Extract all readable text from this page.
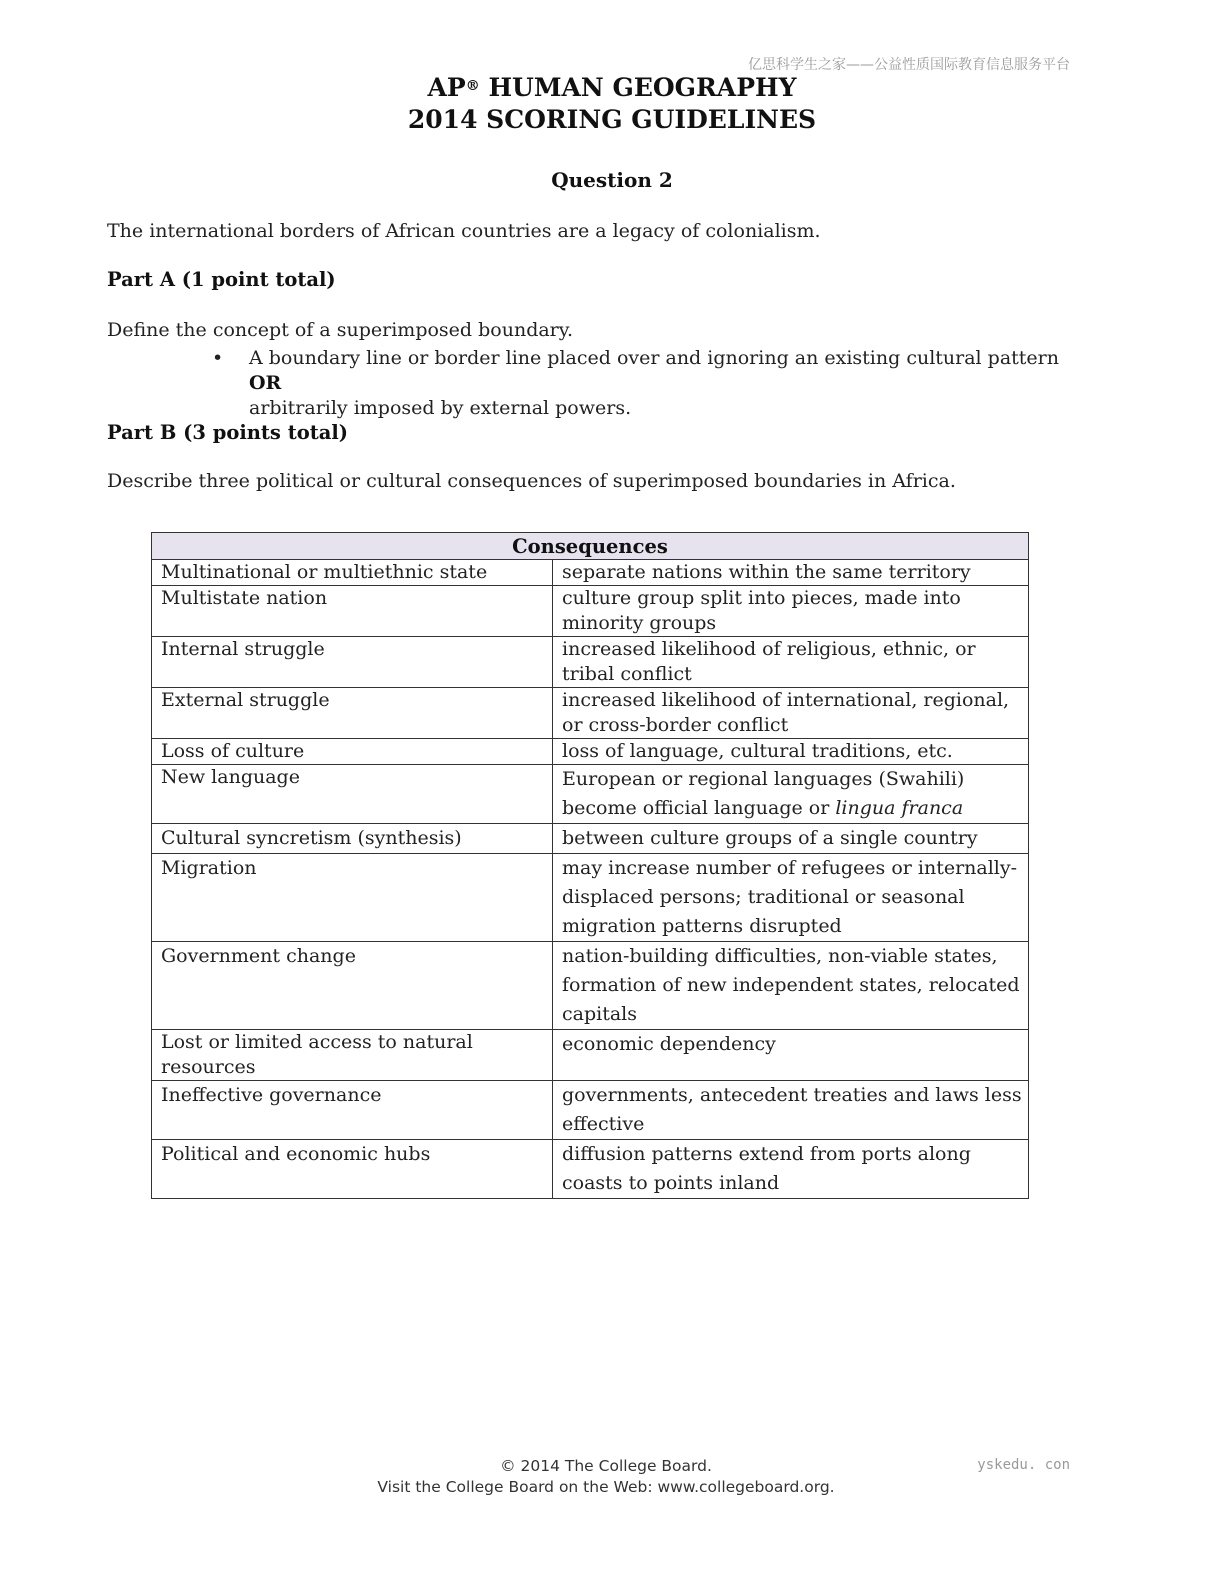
亿思科学生之家——公益性质国际教育信息服务平台
AP® HUMAN GEOGRAPHY
2014 SCORING GUIDELINES
Question 2
The international borders of African countries are a legacy of colonialism.
Part A (1 point total)
Define the concept of a superimposed boundary.
• A boundary line or border line placed over and ignoring an existing cultural pattern OR
arbitrarily imposed by external powers.
Part B (3 points total)
Describe three political or cultural consequences of superimposed boundaries in Africa.
Consequences	
Multinational or multiethnic state	separate nations within the same territory
Multistate nation	culture group split into pieces, made into minority groups
Internal struggle	increased likelihood of religious, ethnic, or tribal conflict
External struggle	increased likelihood of international, regional, or cross-border conflict
Loss of culture	loss of language, cultural traditions, etc.
New language	European or regional languages (Swahili) become official language or lingua franca
Cultural syncretism (synthesis)	between culture groups of a single country
Migration	may increase number of refugees or internally-displaced persons; traditional or seasonal migration patterns disrupted
Government change	nation-building difficulties, non-viable states, formation of new independent states, relocated capitals
Lost or limited access to natural resources	economic dependency
Ineffective governance	governments, antecedent treaties and laws less effective
Political and economic hubs	diffusion patterns extend from ports along coasts to points inland
© 2014 The College Board.
Visit the College Board on the Web: www.collegeboard.org.
yskedu. con
